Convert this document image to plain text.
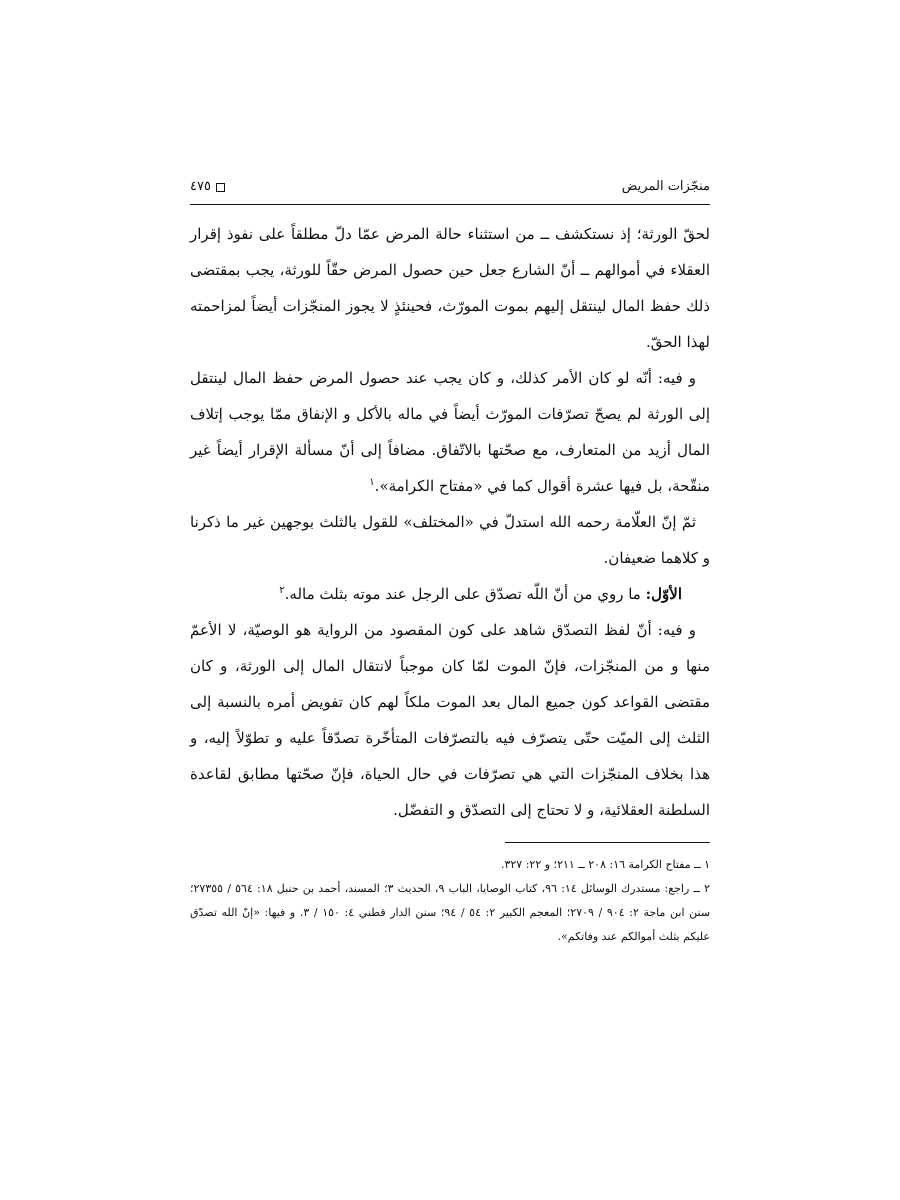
منجّزات المريض
٤٧٥

لحقّ الورثة؛ إذ نستكشف ــ من استثناء حالة المرض عمّا دلّ مطلقاً على نفوذ إقرار العقلاء في أموالهم ــ أنّ الشارع جعل حين حصول المرض حقّاً للورثة، يجب بمقتضى ذلك حفظ المال لينتقل إليهم بموت المورّث، فحينئذٍ لا يجوز المنجّزات أيضاً لمزاحمته لهذا الحقّ.

و فيه: أنّه لو كان الأمر كذلك، و كان يجب عند حصول المرض حفظ المال لينتقل إلى الورثة لم يصحّ تصرّفات المورّث أيضاً في ماله بالأكل و الإنفاق ممّا يوجب إتلاف المال أزيد من المتعارف، مع صحّتها بالاتّفاق. مضافاً إلى أنّ مسألة الإقرار أيضاً غير منقّحة، بل فيها عشرة أقوال كما في «مفتاح الكرامة».$^١$

ثمّ إنّ العلّامة رحمه الله استدلّ في «المختلف» للقول بالثلث بوجهين غير ما ذكرنا و كلاهما ضعيفان.

الأوّل: ما روي من أنّ اللّه تصدّق على الرجل عند موته بثلث ماله.$^٢$

و فيه: أنّ لفظ التصدّق شاهد على كون المقصود من الرواية هو الوصيّة، لا الأعمّ منها و من المنجّزات، فإنّ الموت لمّا كان موجباً لانتقال المال إلى الورثة، و كان مقتضى القواعد كون جميع المال بعد الموت ملكاً لهم كان تفويض أمره بالنسبة إلى الثلث إلى الميّت حتّى يتصرّف فيه بالتصرّفات المتأخّرة تصدّقاً عليه و تطوّلاً إليه، و هذا بخلاف المنجّزات التي هي تصرّفات في حال الحياة، فإنّ صحّتها مطابق لقاعدة السلطنة العقلائية، و لا تحتاج إلى التصدّق و التفضّل.

١ ــ مفتاح الكرامة ١٦: ٢٠٨ ــ ٢١١؛ و ٢٢: ٣٢٧.

٢ ــ راجع: مستدرك الوسائل ١٤: ٩٦، كتاب الوصايا، الباب ٩، الحديث ٣؛ المسند، أحمد بن حنبل ١٨: ٥٦٤ / ٢٧٣٥٥؛ سنن ابن ماجة ٢: ٩٠٤ / ٢٧٠٩؛ المعجم الكبير ٢: ٥٤ / ٩٤؛ سنن الدار قطني ٤: ١٥٠ / ٣. و فيها: «إنّ الله تصدّق عليكم بثلث أموالكم عند وفاتكم».
